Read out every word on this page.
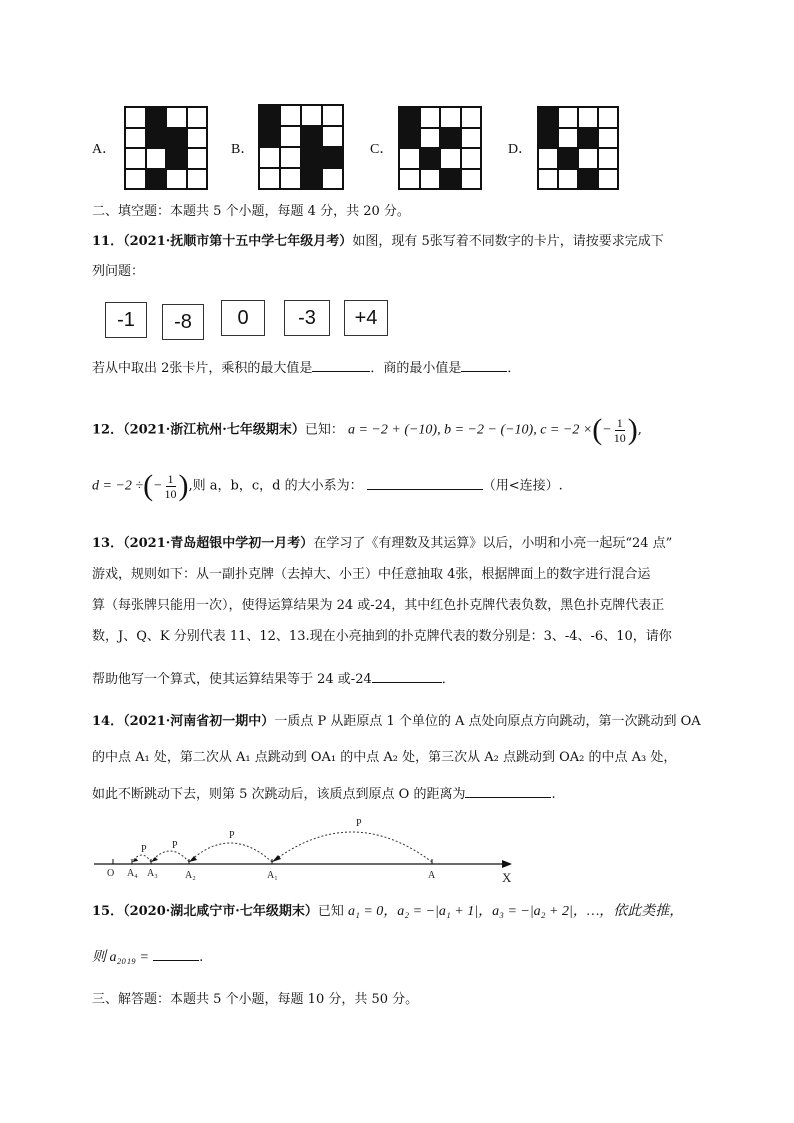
A．	B．	C．	D．
二、填空题：本题共 5 个小题，每题 4 分，共 20 分。
11．（2021·抚顺市第十五中学七年级月考）如图，现有 5张写着不同数字的卡片，请按要求完成下
列问题：
-1	-8	0	-3	+4
若从中取出 2张卡片，乘积的最大值是	．商的最小值是	．
12．（2021·浙江杭州·七年级期末）已知： a = −2 + (−10), b = −2 − (−10), c = −2 ×(− $\frac{1}{10}$ ),
d = −2 ÷(− $\frac{1}{10}$ ),则 a，b，c，d 的大小系为：	（用<连接）.
13．（2021·青岛超银中学初一月考）在学习了《有理数及其运算》以后，小明和小亮一起玩“24 点”
游戏，规则如下：从一副扑克牌（去掉大、小王）中任意抽取 4张，根据牌面上的数字进行混合运
算（每张牌只能用一次），使得运算结果为 24 或-24，其中红色扑克牌代表负数，黑色扑克牌代表正
数，J、Q、K 分别代表 11、12、13.现在小亮抽到的扑克牌代表的数分别是：3、-4、-6、10，请你
帮助他写一个算式，使其运算结果等于 24 或-24	．
14．（2021·河南省初一期中）一质点 P 从距原点 1 个单位的 A 点处向原点方向跳动，第一次跳动到 OA
的中点 A₁ 处，第二次从 A₁ 点跳动到 OA₁ 的中点 A₂ 处，第三次从 A₂ 点跳动到 OA₂ 的中点 A₃ 处，
如此不断跳动下去，则第 5 次跳动后，该质点到原点 O 的距离为	.
P
P
P
P
O A₄ A₃	A₂	A₁	A	X
15．（2020·湖北咸宁市·七年级期末）已知 a₁ = 0，a₂ = −|a₁ + 1|，a₃ = −|a₂ + 2|，…，依此类推，
则 a₂₀₁₉ =	.
三、解答题：本题共 5 个小题，每题 10 分，共 50 分。
